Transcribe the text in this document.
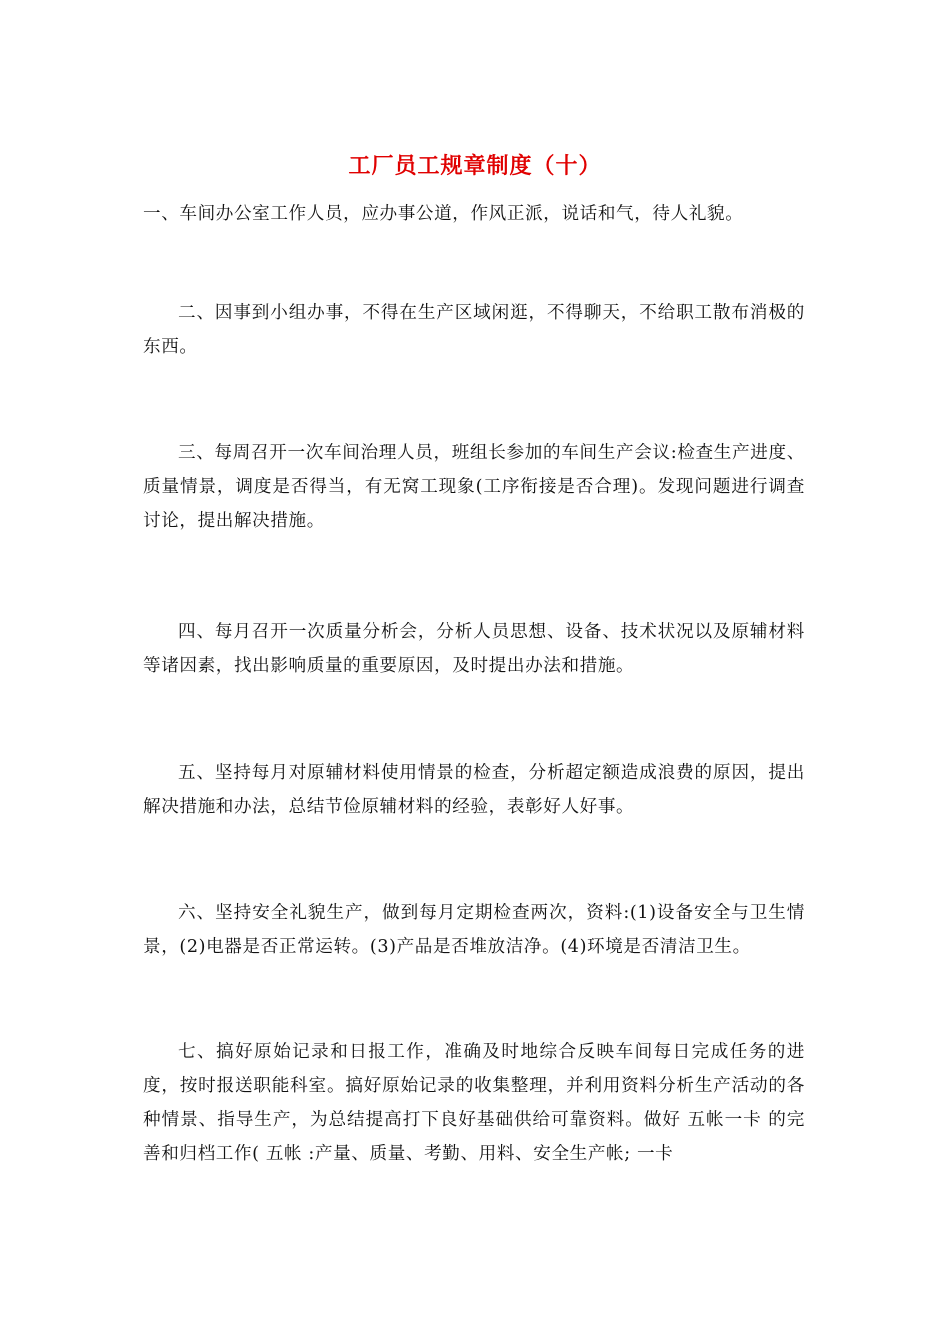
工厂员工规章制度（十）

一、车间办公室工作人员，应办事公道，作风正派，说话和气，待人礼貌。

二、因事到小组办事，不得在生产区域闲逛，不得聊天，不给职工散布消极的东西。

三、每周召开一次车间治理人员，班组长参加的车间生产会议:检查生产进度、质量情景，调度是否得当，有无窝工现象(工序衔接是否合理)。发现问题进行调查讨论，提出解决措施。

四、每月召开一次质量分析会，分析人员思想、设备、技术状况以及原辅材料等诸因素，找出影响质量的重要原因，及时提出办法和措施。

五、坚持每月对原辅材料使用情景的检查，分析超定额造成浪费的原因，提出解决措施和办法，总结节俭原辅材料的经验，表彰好人好事。

六、坚持安全礼貌生产，做到每月定期检查两次，资料:(1)设备安全与卫生情景，(2)电器是否正常运转。(3)产品是否堆放洁净。(4)环境是否清洁卫生。

七、搞好原始记录和日报工作，准确及时地综合反映车间每日完成任务的进度，按时报送职能科室。搞好原始记录的收集整理，并利用资料分析生产活动的各种情景、指导生产，为总结提高打下良好基础供给可靠资料。做好 五帐一卡 的完善和归档工作( 五帐 :产量、质量、考勤、用料、安全生产帐; 一卡
